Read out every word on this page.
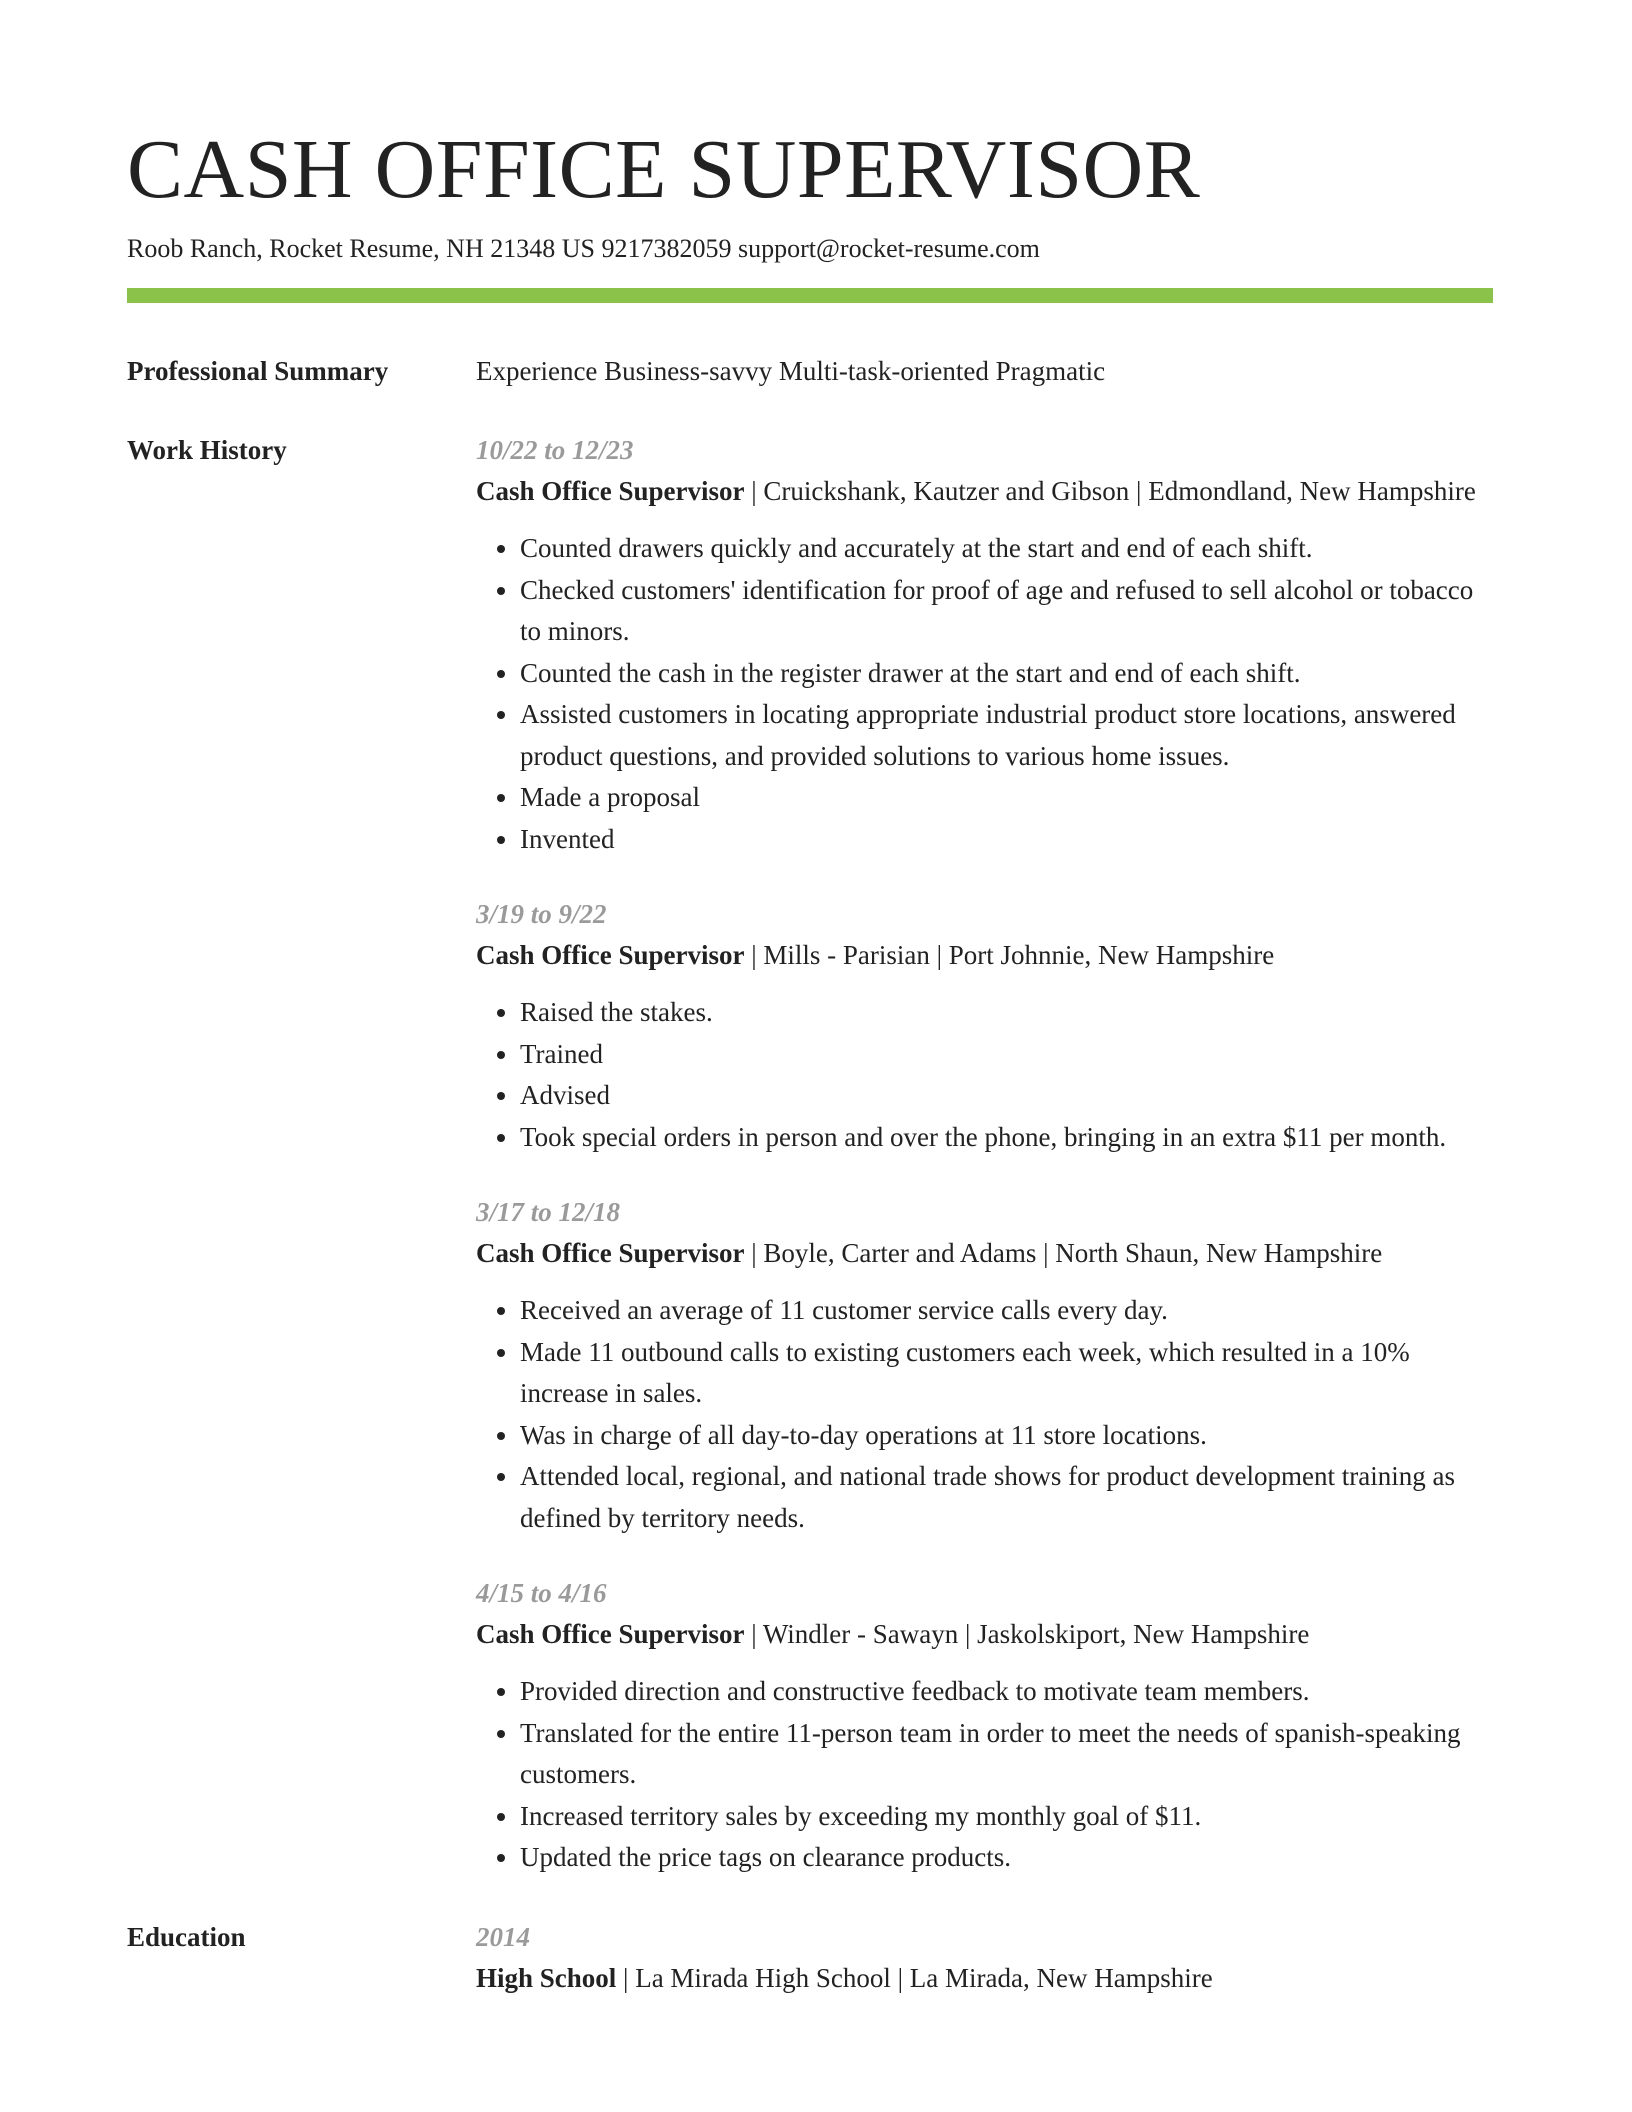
CASH OFFICE SUPERVISOR
Roob Ranch, Rocket Resume, NH 21348 US 9217382059 support@rocket-resume.com
Professional Summary	Experience Business-savvy Multi-task-oriented Pragmatic
Work History	10/22 to 12/23
Cash Office Supervisor | Cruickshank, Kautzer and Gibson | Edmondland, New Hampshire
• Counted drawers quickly and accurately at the start and end of each shift.
• Checked customers' identification for proof of age and refused to sell alcohol or tobacco to minors.
• Counted the cash in the register drawer at the start and end of each shift.
• Assisted customers in locating appropriate industrial product store locations, answered product questions, and provided solutions to various home issues.
• Made a proposal
• Invented
3/19 to 9/22
Cash Office Supervisor | Mills - Parisian | Port Johnnie, New Hampshire
• Raised the stakes.
• Trained
• Advised
• Took special orders in person and over the phone, bringing in an extra $11 per month.
3/17 to 12/18
Cash Office Supervisor | Boyle, Carter and Adams | North Shaun, New Hampshire
• Received an average of 11 customer service calls every day.
• Made 11 outbound calls to existing customers each week, which resulted in a 10% increase in sales.
• Was in charge of all day-to-day operations at 11 store locations.
• Attended local, regional, and national trade shows for product development training as defined by territory needs.
4/15 to 4/16
Cash Office Supervisor | Windler - Sawayn | Jaskolskiport, New Hampshire
• Provided direction and constructive feedback to motivate team members.
• Translated for the entire 11-person team in order to meet the needs of spanish-speaking customers.
• Increased territory sales by exceeding my monthly goal of $11.
• Updated the price tags on clearance products.
Education	2014
High School | La Mirada High School | La Mirada, New Hampshire
